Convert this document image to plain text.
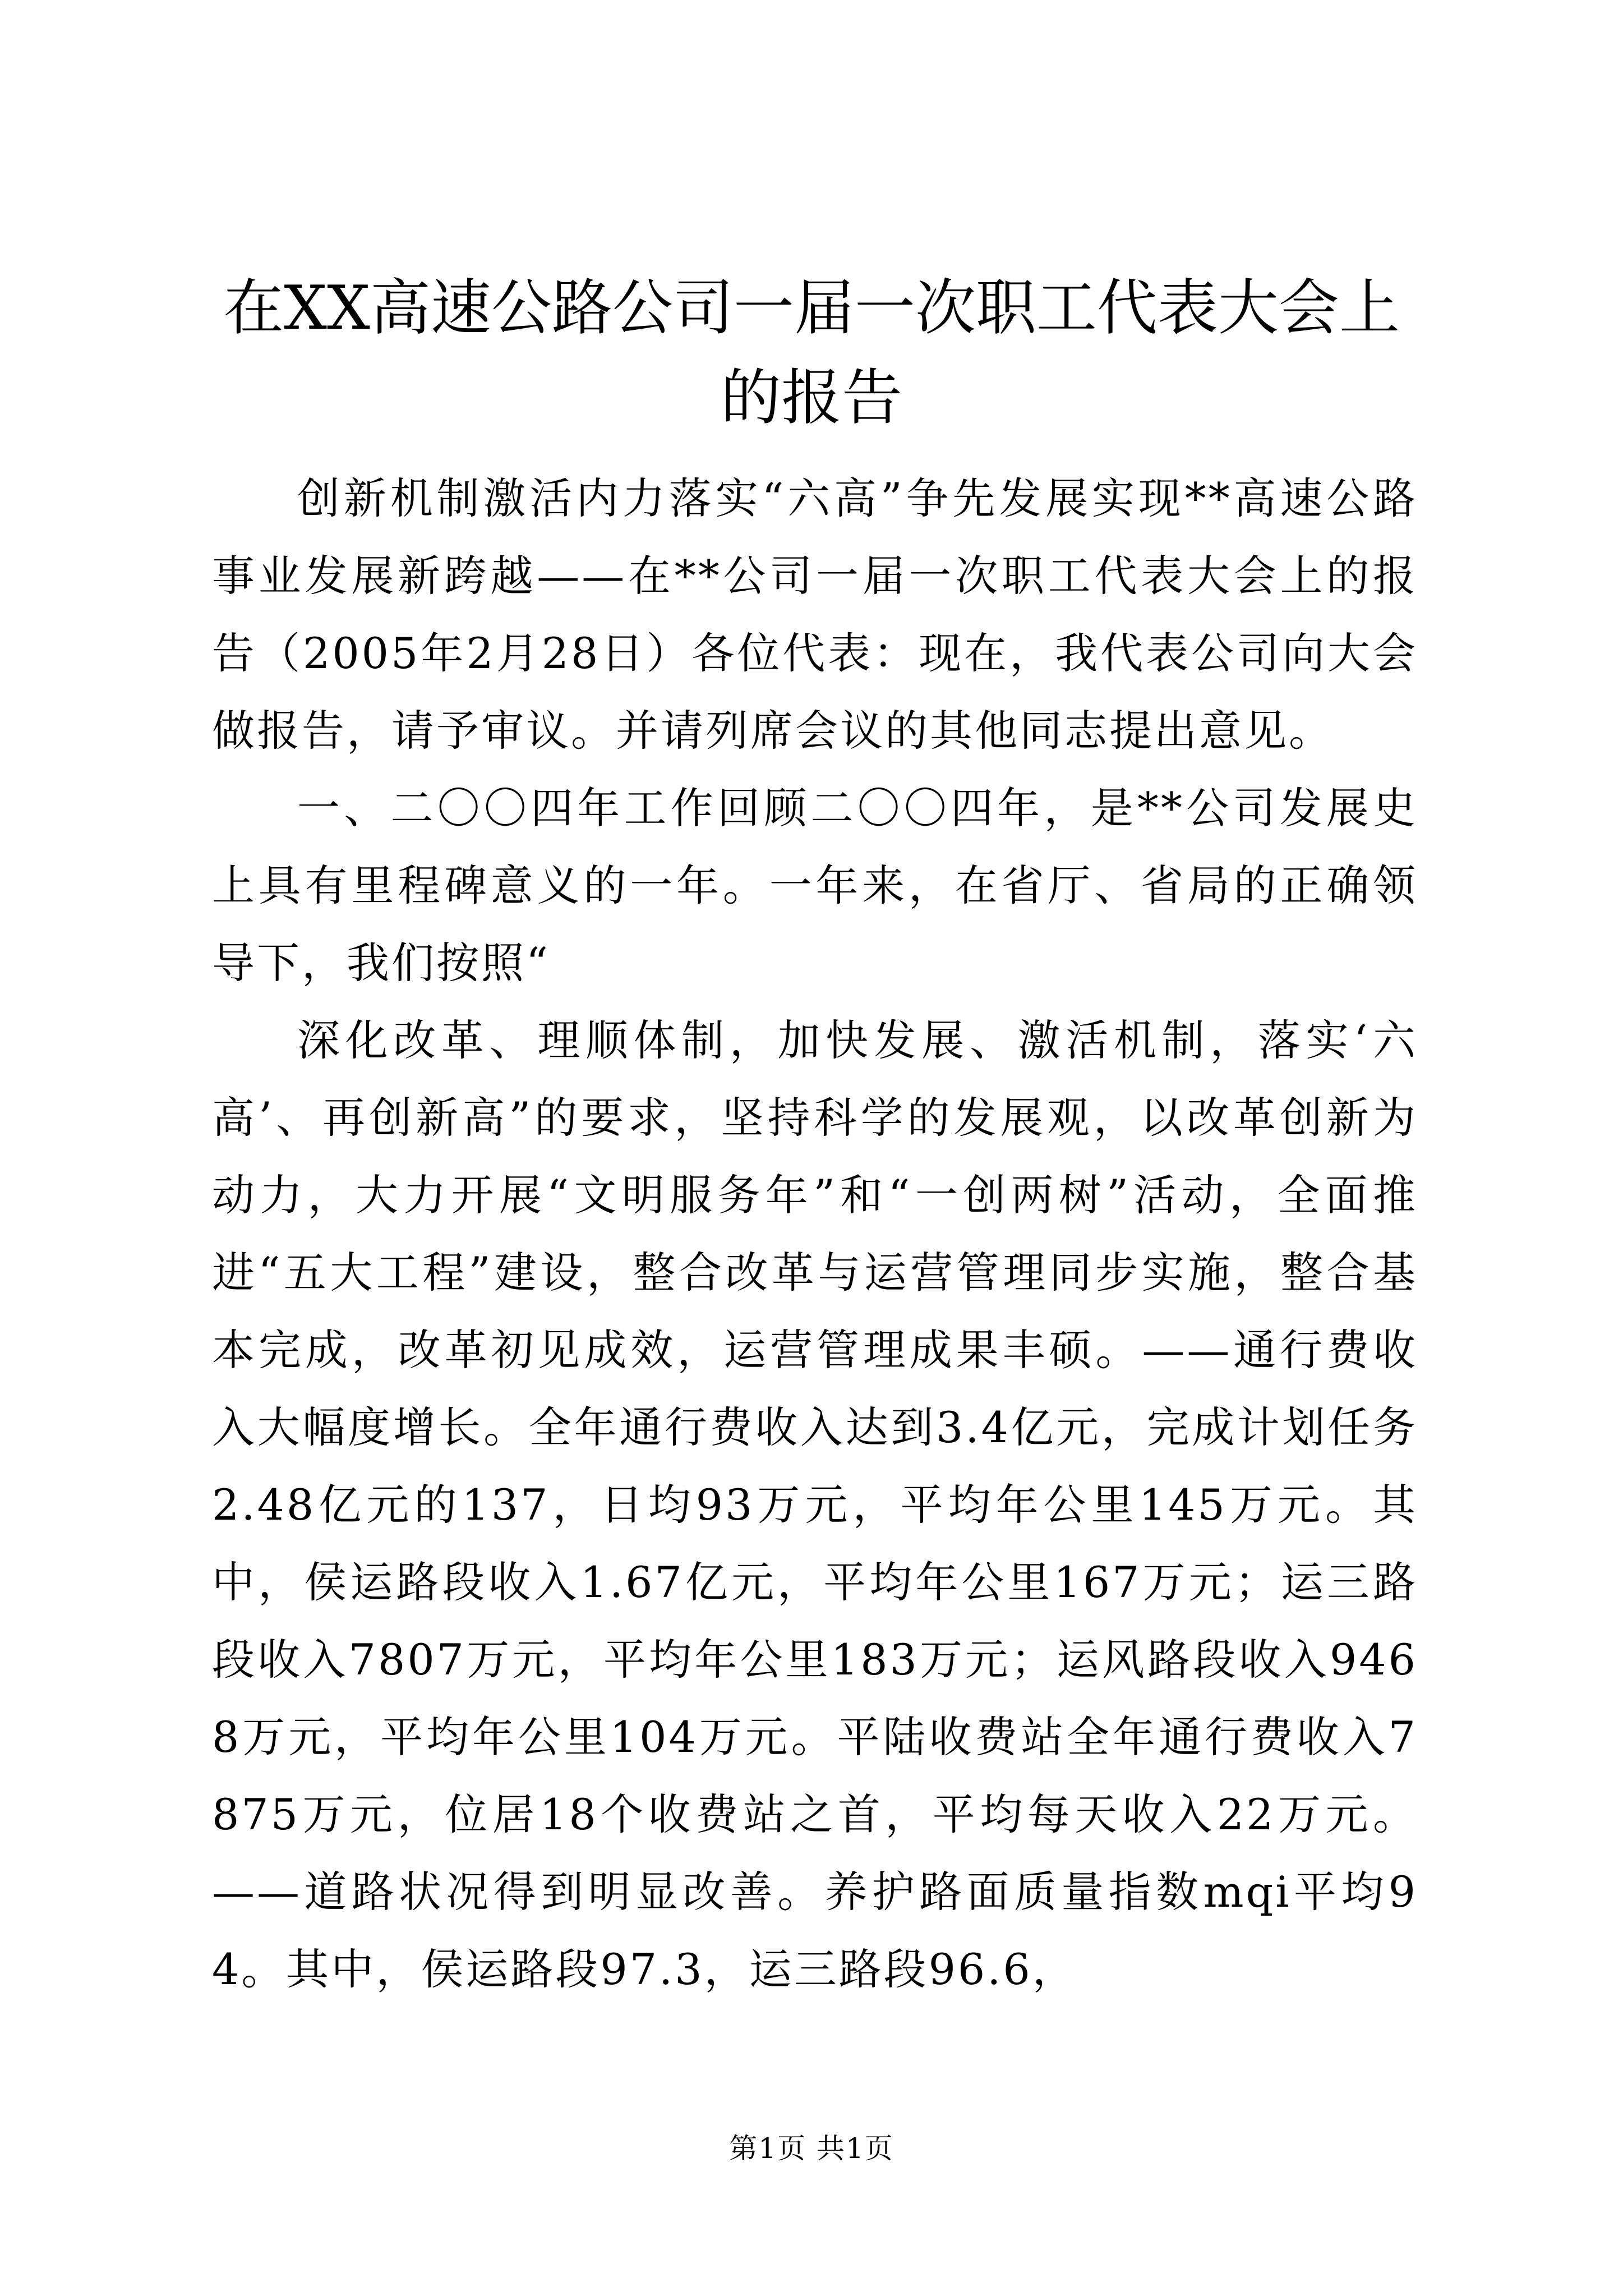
在XX高速公路公司一届一次职工代表大会上
的报告

创新机制激活内力落实“六高”争先发展实现**高速公路事业发展新跨越——在**公司一届一次职工代表大会上的报告（2005年2月28日）各位代表：现在，我代表公司向大会做报告，请予审议。并请列席会议的其他同志提出意见。

一、二〇〇四年工作回顾二〇〇四年，是**公司发展史上具有里程碑意义的一年。一年来，在省厅、省局的正确领导下，我们按照“

深化改革、理顺体制，加快发展、激活机制，落实‘六高’、再创新高”的要求，坚持科学的发展观，以改革创新为动力，大力开展“文明服务年”和“一创两树”活动，全面推进“五大工程”建设，整合改革与运营管理同步实施，整合基本完成，改革初见成效，运营管理成果丰硕。——通行费收入大幅度增长。全年通行费收入达到3.4亿元，完成计划任务2.48亿元的137，日均93万元，平均年公里145万元。其中，侯运路段收入1.67亿元，平均年公里167万元；运三路段收入7807万元，平均年公里183万元；运风路段收入9468万元，平均年公里104万元。平陆收费站全年通行费收入7875万元，位居18个收费站之首，平均每天收入22万元。——道路状况得到明显改善。养护路面质量指数mqi平均94。其中，侯运路段97.3，运三路段96.6，

第1页 共1页
